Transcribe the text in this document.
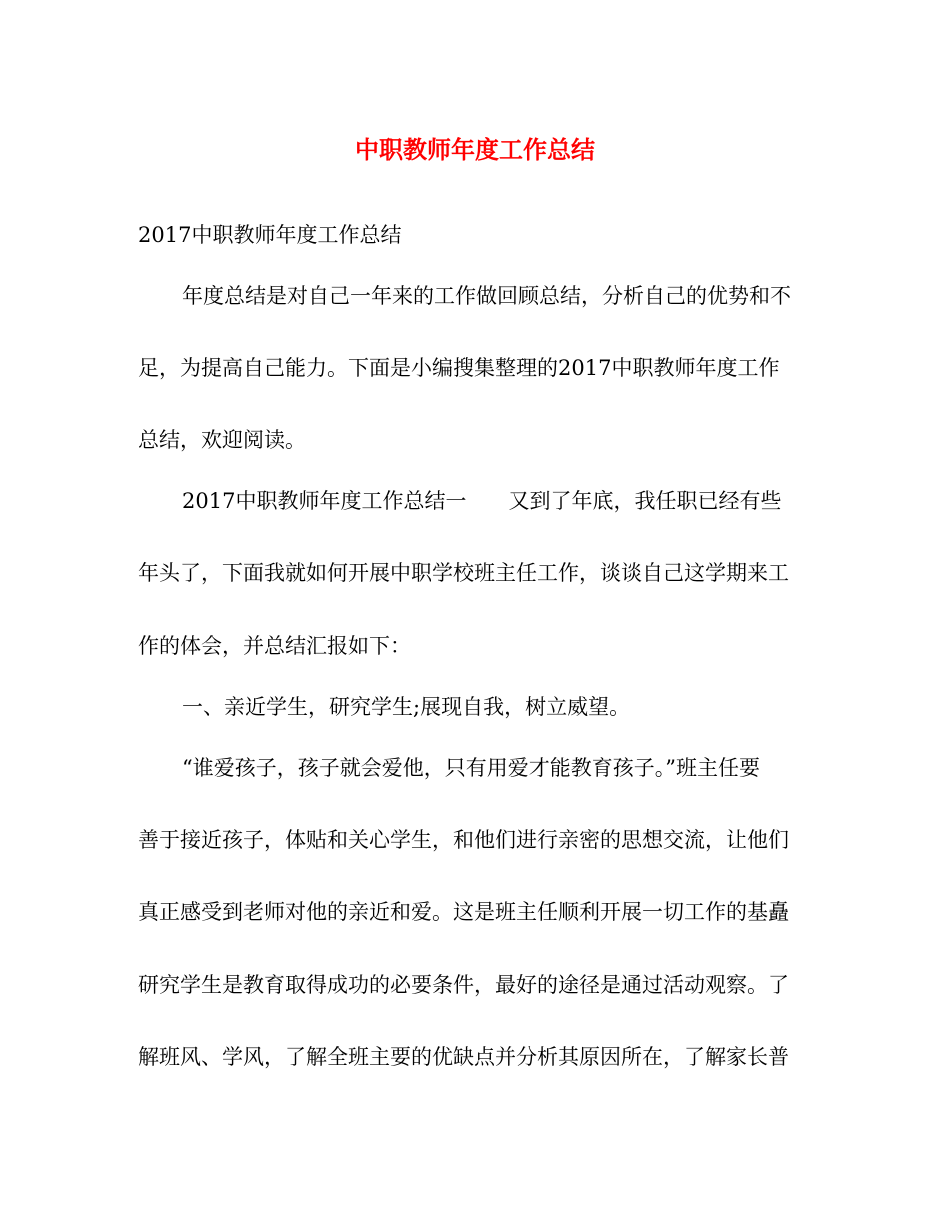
中职教师年度工作总结
2017中职教师年度工作总结
年度总结是对自己一年来的工作做回顾总结，分析自己的优势和不
足，为提高自己能力。下面是小编搜集整理的2017中职教师年度工作
总结，欢迎阅读。
2017中职教师年度工作总结一　　又到了年底，我任职已经有些
年头了，下面我就如何开展中职学校班主任工作，谈谈自己这学期来工
作的体会，并总结汇报如下：
一、亲近学生，研究学生;展现自我，树立威望。
“谁爱孩子，孩子就会爱他，只有用爱才能教育孩子。”班主任要
善于接近孩子，体贴和关心学生，和他们进行亲密的思想交流，让他们
真正感受到老师对他的亲近和爱。这是班主任顺利开展一切工作的基矗
研究学生是教育取得成功的必要条件，最好的途径是通过活动观察。了
解班风、学风，了解全班主要的优缺点并分析其原因所在，了解家长普
